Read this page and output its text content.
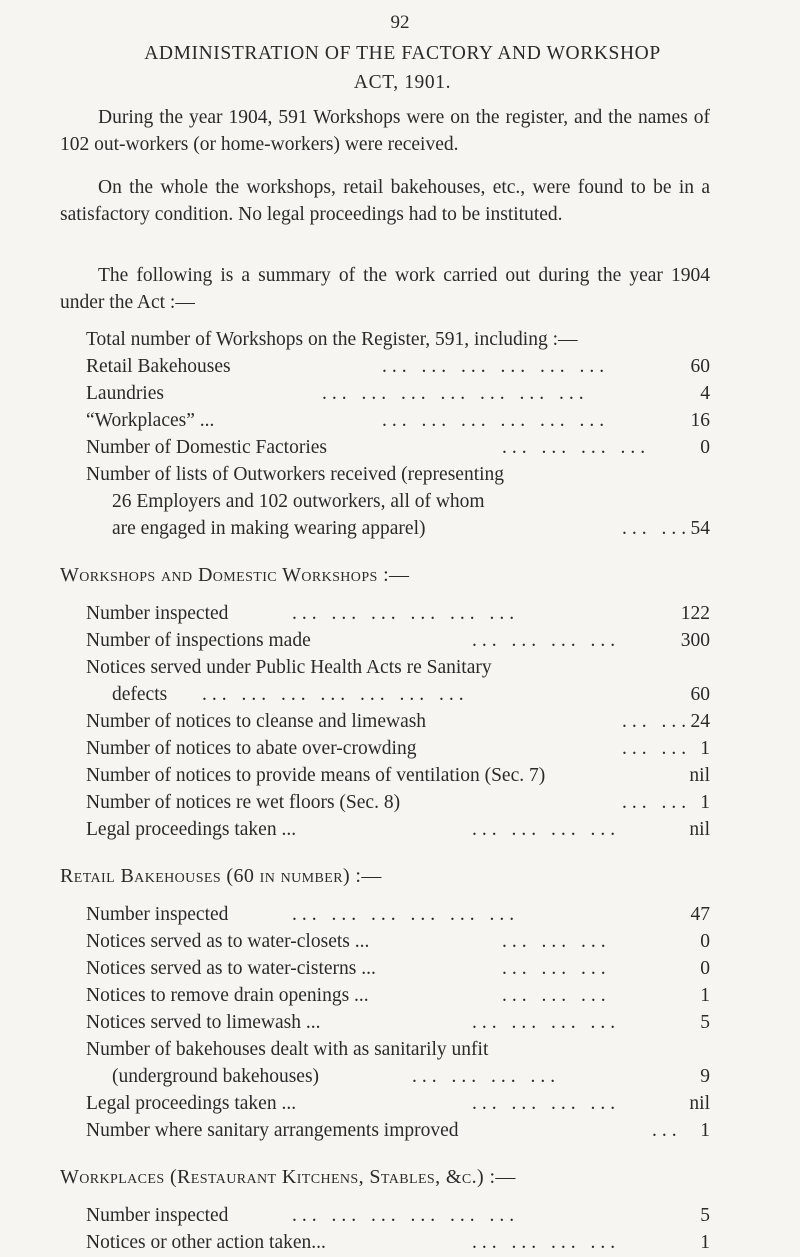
92
ADMINISTRATION OF THE FACTORY AND WORKSHOP
ACT, 1901.
During the year 1904, 591 Workshops were on the register, and the names of 102 out-workers (or home-workers) were received.
On the whole the workshops, retail bakehouses, etc., were found to be in a satisfactory condition. No legal proceedings had to be instituted.
The following is a summary of the work carried out during the year 1904 under the Act :—
Total number of Workshops on the Register, 591, including :—
Retail Bakehouses	... ... ... ... ... ...	60
Laundries	... ... ... ... ... ... ...	4
“Workplaces” ...	... ... ... ... ... ...	16
Number of Domestic Factories	... ... ... ...	0
Number of lists of Outworkers received (representing
26 Employers and 102 outworkers, all of whom
are engaged in making wearing apparel)	... ... 54
Workshops and Domestic Workshops :—
Number inspected	... ... ... ... ... ...	122
Number of inspections made	... ... ... ...	300
Notices served under Public Health Acts re Sanitary
defects ... ... ... ... ... ... ...	60
Number of notices to cleanse and limewash	... ... 24
Number of notices to abate over-crowding	... ... 1
Number of notices to provide means of ventilation (Sec. 7)	nil
Number of notices re wet floors (Sec. 8)	... ... 1
Legal proceedings taken ...	... ... ... ...	nil
Retail Bakehouses (60 in number) :—
Number inspected	... ... ... ... ... ...	47
Notices served as to water-closets ...	... ... ...	0
Notices served as to water-cisterns ...	... ... ...	0
Notices to remove drain openings ...	... ... ...	1
Notices served to limewash ...	... ... ... ...	5
Number of bakehouses dealt with as sanitarily unfit
(underground bakehouses)	... ... ... ...	9
Legal proceedings taken ...	... ... ... ...	nil
Number where sanitary arrangements improved	... 1
Workplaces (Restaurant Kitchens, Stables, &c.) :—
Number inspected	... ... ... ... ... ...	5
Notices or other action taken...	... ... ... ...	1
